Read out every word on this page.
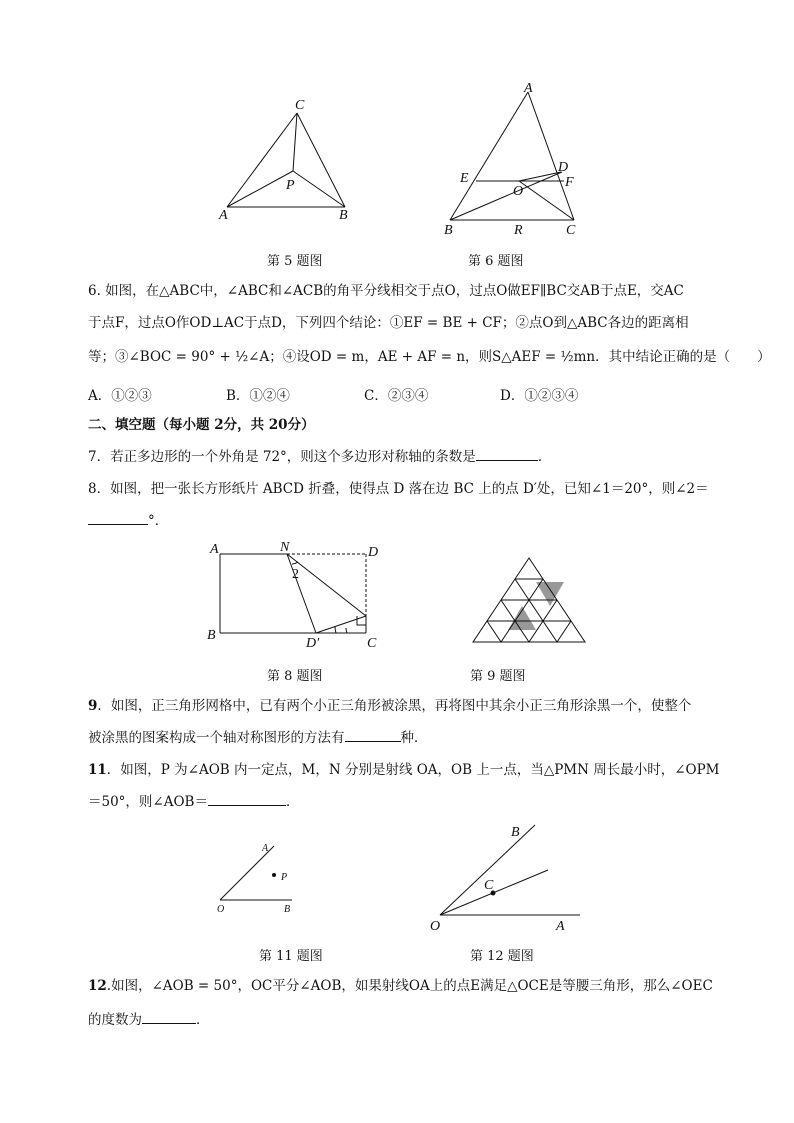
C
P
A	B
第 5 题图
A
D
E
O
F
B	R	C
第 6 题图
6. 如图，在△ABC中，∠ABC和∠ACB的角平分线相交于点O，过点O做EF∥BC交AB于点E，交AC
于点F，过点O作OD⊥AC于点D，下列四个结论：①EF = BE + CF；②点O到△ABC各边的距离相
等；③∠BOC = 90° + ½∠A；④设OD = m，AE + AF = n，则S△AEF = ½mn．其中结论正确的是（　　）
A．①②③	B．①②④	C．②③④	D．①②③④
二、填空题（每小题 2分，共 20分）
7．若正多边形的一个外角是 72°，则这个多边形对称轴的条数是	．
8．如图，把一张长方形纸片 ABCD 折叠，使得点 D 落在边 BC 上的点 D′处，已知∠1＝20°，则∠2＝
°．
A	N	D
2
B
D′	C
第 8 题图	第 9 题图
9．如图，正三角形网格中，已有两个小正三角形被涂黑，再将图中其余小正三角形涂黑一个，使整个
被涂黑的图案构成一个轴对称图形的方法有	种．
11．如图，P 为∠AOB 内一定点，M，N 分别是射线 OA，OB 上一点，当△PMN 周长最小时，∠OPM
＝50°，则∠AOB＝	．
A
P
O	B
第 11 题图
B
C
O	A
第 12 题图
12.如图，∠AOB = 50°，OC平分∠AOB，如果射线OA上的点E满足△OCE是等腰三角形，那么∠OEC
的度数为	．
